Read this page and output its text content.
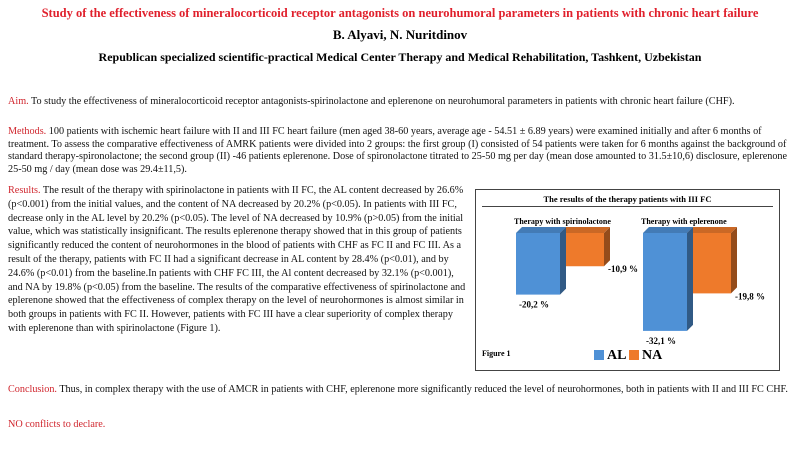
Study of the effectiveness of mineralocorticoid receptor antagonists on neurohumoral parameters in patients with chronic heart failure
B. Alyavi, N. Nuritdinov
Republican specialized scientific-practical Medical Center Therapy and Medical Rehabilitation, Tashkent, Uzbekistan
Aim. To study the effectiveness of mineralocorticoid receptor antagonists-spirinolactone and eplerenone on neurohumoral parameters in patients with chronic heart failure (CHF).
Methods. 100 patients with ischemic heart failure with II and III FC heart failure (men aged 38-60 years, average age - 54.51 ± 6.89 years) were examined initially and after 6 months of treatment. To assess the comparative effectiveness of AMRK patients were divided into 2 groups: the first group (I) consisted of 54 patients were taken for 6 months against the background of standard therapy-spironolactone; the second group (II) -46 patients eplerenone. Dose of spironolactone titrated to 25-50 mg per day (mean dose amounted to 31.5±10,6) disclosure, eplerenone 25-50 mg / day (mean dose was 29.4±11,5).
Results. The result of the therapy with spirinolactone in patients with II FC, the AL content decreased by 26.6% (p<0.001) from the initial values, and the content of NA decreased by 20.2% (p<0.05). In patients with III FC, decrease only in the AL level by 20.2% (p<0.05). The level of NA decreased by 10.9% (p>0.05) from the initial value, which was statistically insignificant. The results eplerenone therapy showed that in this group of patients significantly reduced the content of neurohormones in the blood of patients with CHF as FC II and FC III. As a result of the therapy, patients with FC II had a significant decrease in AL content by 28.4% (p<0.01), and by 24.6% (p<0.01) from the baseline.In patients with CHF FC III, the Al content decreased by 32.1% (p<0.001), and NA by 19.8% (p<0.05) from the baseline. The results of the comparative effectiveness of spirinolactone and eplerenone showed that the effectiveness of complex therapy on the level of neurohormones is almost similar in both groups in patients with FC II. However, patients with FC III have a clear superiority of complex therapy with eplerenone than with spirinolactone (Figure 1).
The results of the therapy patients with III FC
Therapy with spirinolactone	Therapy with eplerenone
-10,9 %
-20,2 %
-19,8 %
-32,1 %
Figure 1	AL	NA
Conclusion. Thus, in complex therapy with the use of AMCR in patients with CHF, eplerenone more significantly reduced the level of neurohormones, both in patients with II and III FC CHF.
NO conflicts to declare.
